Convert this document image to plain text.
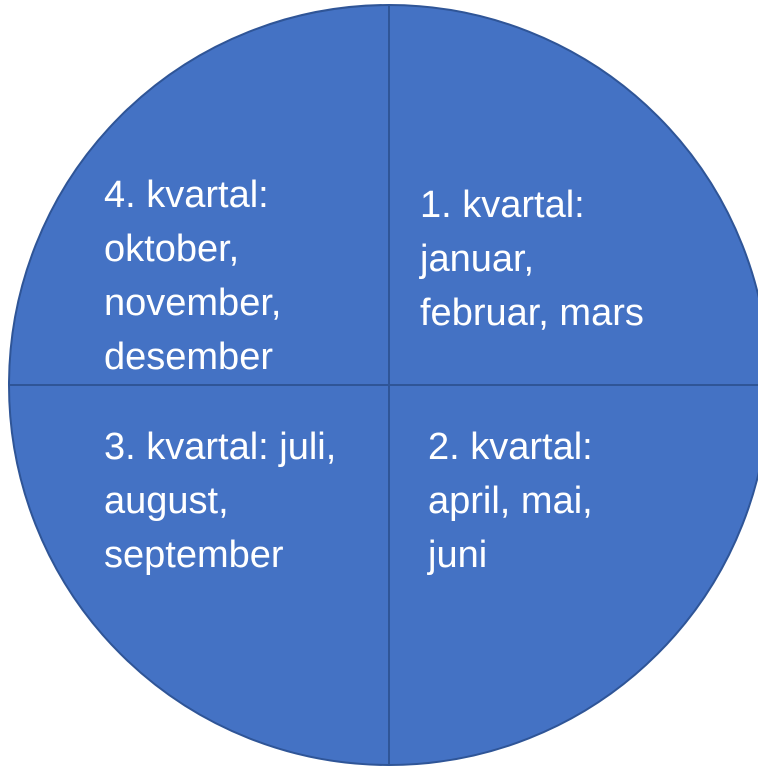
4. kvartal:
oktober,
november,
desember
1. kvartal:
januar,
februar, mars
3. kvartal: juli,
august,
september
2. kvartal:
april, mai,
juni
